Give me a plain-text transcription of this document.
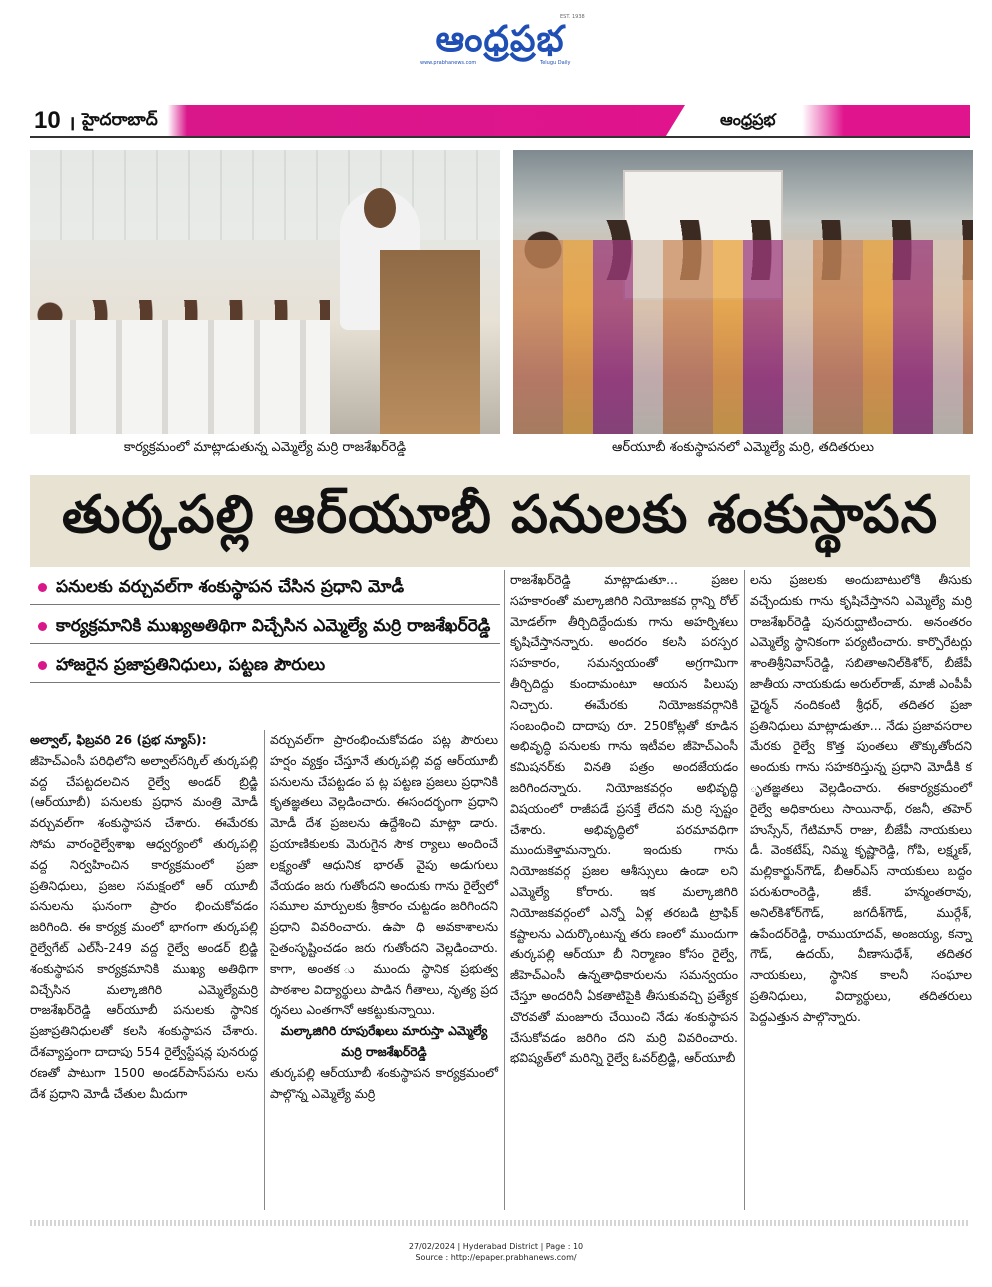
ఆంధ్రప్రభ
EST. 1938
www.prabhanews.com	Telugu Daily
10 । హైదరాబాద్	ఆంధ్రప్రభ
కార్యక్రమంలో మాట్లాడుతున్న ఎమ్మెల్యే మర్రి రాజశేఖర్‌రెడ్డి	ఆర్‌యూబీ శంకుస్థాపనలో ఎమ్మెల్యే మర్రి, తదితరులు
తుర్కపల్లి ఆర్‌యూబీ పనులకు శంకుస్థాపన
పనులకు వర్చువల్‌గా శంకుస్థాపన చేసిన ప్రధాని మోడీ
కార్యక్రమానికి ముఖ్యఅతిథిగా విచ్చేసిన ఎమ్మెల్యే మర్రి రాజశేఖర్‌రెడ్డి
హాజరైన ప్రజాప్రతినిధులు, పట్టణ పౌరులు

అల్వాల్, ఫిబ్రవరి 26 (ప్రభ న్యూస్):

జీహెచ్‌ఎంసీ పరిధిలోని అల్వాల్‌సర్కిల్ తుర్కపల్లి వద్ద చేపట్టదలచిన రైల్వే అండర్ బ్రిడ్జి (ఆర్‌యూబీ) పనులకు ప్రధాన మంత్రి మోడీ వర్చువల్‌గా శంకుస్థాపన చేశారు. ఈమేరకు సోమ వారంరైల్వేశాఖ ఆధ్వర్యంలో తుర్కపల్లి వద్ద నిర్వహించిన కార్యక్రమంలో ప్రజా ప్రతినిధులు, ప్రజల సమక్షంలో ఆర్ యూబీ పనులను ఘనంగా ప్రారం భించుకోవడం జరిగింది. ఈ కార్యక్ర మంలో భాగంగా తుర్కపల్లి రైల్వేగేట్ ఎల్‌సీ-249 వద్ద రైల్వే అండర్ బ్రిడ్జి శంకుస్థాపన కార్యక్రమానికి ముఖ్య అతిథిగా విచ్చేసిన మల్కాజిగిరి ఎమ్మెల్యేమర్రి రాజశేఖర్‌రెడ్డి ఆర్‌యూబీ పనులకు స్థానిక ప్రజాప్రతినిధులతో కలసి శంకుస్థాపన చేశారు. దేశవ్యాప్తంగా దాదాపు 554 రైల్వేస్టేషన్ల పునరుద్ధ రణతో పాటుగా 1500 అండర్‌పాస్‌పను లను దేశ ప్రధాని మోడీ చేతుల మీదుగా

వర్చువల్‌గా ప్రారంభించుకోవడం పట్ల పౌరులు హర్షం వ్యక్తం చేస్తూనే తుర్కపల్లి వద్ద ఆర్‌యూబీ పనులను చేపట్టడం ప ట్ల పట్టణ ప్రజలు ప్రధానికి కృతజ్ఞతలు వెల్లడించారు. ఈసందర్భంగా ప్రధాని మోడీ దేశ ప్రజలను ఉద్దేశించి మాట్లా డారు. ప్రయాణికులకు మెరుగైన సౌక ర్యాలు అందించే లక్ష్యంతో ఆధునిక భారత్ వైపు అడుగులు వేయడం జరు గుతోందని అందుకు గాను రైల్వేలో సమూల మార్పులకు శ్రీకారం చుట్టడం జరిగిందని ప్రధాని వివరించారు. ఉపా ధి అవకాశాలను సైతంసృష్టించడం జరు గుతోందని వెల్లడించారు. కాగా, అంతక ు ముందు స్థానిక ప్రభుత్వ పాఠశాల విద్యార్థులు పాడిన గీతాలు, నృత్య ప్రద ర్శనలు ఎంతగానో ఆకట్టుకున్నాయి.

మల్కాజిగిరి రూపురేఖలు మారుస్తా ఎమ్మెల్యే మర్రి రాజశేఖర్‌రెడ్డి

తుర్కపల్లి ఆర్‌యూబీ శంకుస్థాపన కార్యక్రమంలో పాల్గొన్న ఎమ్మెల్యే మర్రి

రాజశేఖర్‌రెడ్డి మాట్లాడుతూ... ప్రజల సహకారంతో మల్కాజిగిరి నియోజకవ ర్గాన్ని రోల్ మోడల్‌గా తీర్చిదిద్దేందుకు గాను అహర్నిశలు కృషిచేస్తానన్నారు. అందరం కలసి పరస్పర సహకారం, సమన్వయంతో అగ్రగామిగా తీర్చిదిద్దు కుందామంటూ ఆయన పిలుపు నిచ్చారు. ఈమేరకు నియోజకవర్గానికి సంబంధించి దాదాపు రూ. 250కోట్లతో కూడిన అభివృద్ధి పనులకు గాను ఇటీవల జీహెచ్‌ఎంసీ కమిషనర్‌కు వినతి పత్రం అందజేయడం జరిగిందన్నారు. నియోజకవర్గం అభివృద్ధి విషయంలో రాజీపడే ప్రసక్తే లేదని మర్రి స్పష్టం చేశారు. అభివృద్ధిలో పరమావధిగా ముందుకెళ్తామన్నారు. ఇందుకు గాను నియోజకవర్గ ప్రజల ఆశీస్సులు ఉండా లని ఎమ్మెల్యే కోరారు. ఇక మల్కాజిగిరి నియోజకవర్గంలో ఎన్నో ఏళ్ల తరబడి ట్రాఫిక్ కష్టాలను ఎదుర్కొంటున్న తరు ణంలో ముందుగా తుర్కపల్లి ఆర్‌యూ బీ నిర్మాణం కోసం రైల్వే, జీహెచ్‌ఎంసీ ఉన్నతాధికారులను సమన్వయం చేస్తూ అందరినీ ఏకతాటిపైకి తీసుకువచ్చి ప్రత్యేక చొరవతో మంజూరు చేయించి నేడు శంకుస్థాపన చేసుకోవడం జరిగిం దని మర్రి వివరించారు. భవిష్యత్‌లో మరిన్ని రైల్వే ఓవర్‌బ్రిడ్జి, ఆర్‌యూబీ

లను ప్రజలకు అందుబాటులోకి తీసుకు వచ్చేందుకు గాను కృషిచేస్తానని ఎమ్మెల్యే మర్రి రాజశేఖర్‌రెడ్డి పునరుద్ఘాటించారు. అనంతరం ఎమ్మెల్యే స్థానికంగా పర్యటించారు. కార్పొరేటర్లు శాంతిశ్రీనివాస్‌రెడ్డి, సబితాఅనిల్‌కిశోర్, బీజేపీ జాతీయ నాయకుడు అరుల్‌రాజ్, మాజీ ఎంపీపీ ఛైర్మన్ నందికంటి శ్రీధర్, తదితర ప్రజా ప్రతినిధులు మాట్లాడుతూ... నేడు ప్రజావసరాల మేరకు రైల్వే కొత్త పుంతలు తొక్కుతోందని అందుకు గాను సహకరిస్తున్న ప్రధాని మోడీకి క ృతజ్ఞతలు వెల్లడించారు. ఈకార్యక్రమంలో రైల్వే అధికారులు సాయినాథ్, రజనీ, తహెర్ హుస్సేన్, గేటిమాన్ రాజు, బీజేపీ నాయకులు డీ. వెంకటేష్, నిమ్మ కృష్ణారెడ్డి, గోపి, లక్ష్మణ్, మల్లికార్జున్‌గౌడ్, బీఆర్‌ఎస్ నాయకులు బద్దం పరుశురాంరెడ్డి, జీకే. హన్మంతరావు, అనిల్‌కిశోర్‌గౌడ్, జగదీశ్‌గౌడ్, ముర్గేశ్, ఉపేందర్‌రెడ్డి, రాముయాదవ్, అంజయ్య, కన్నా గౌడ్, ఉదయ్, వీణాసుధేశ్, తదితర నాయకులు, స్థానిక కాలనీ సంఘాల ప్రతినిధులు, విద్యార్థులు, తదితరులు పెద్దఎత్తున పాల్గొన్నారు.

27/02/2024 | Hyderabad District | Page : 10
Source : http://epaper.prabhanews.com/
